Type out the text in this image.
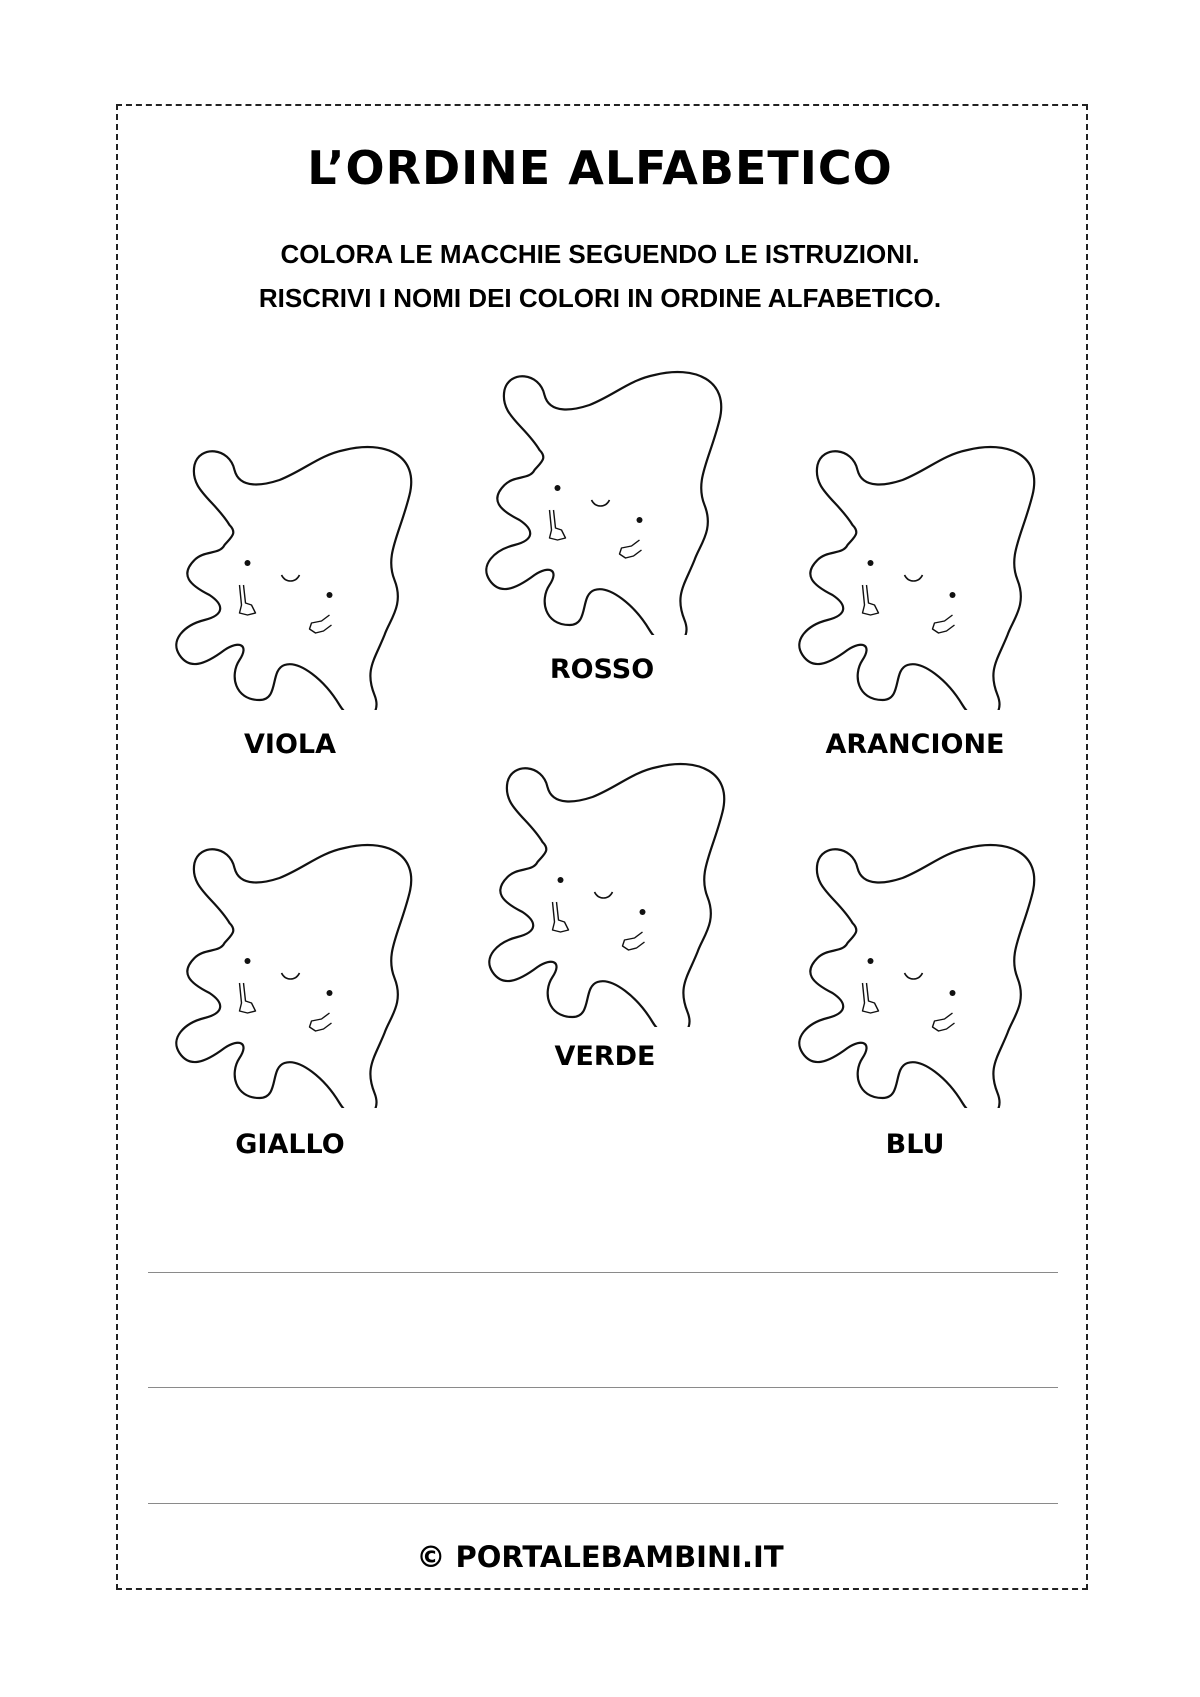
L’ORDINE ALFABETICO
COLORA LE MACCHIE SEGUENDO LE ISTRUZIONI.
RISCRIVI I NOMI DEI COLORI IN ORDINE ALFABETICO.
VIOLA
ROSSO
ARANCIONE
GIALLO
VERDE
BLU
© PORTALEBAMBINI.IT
